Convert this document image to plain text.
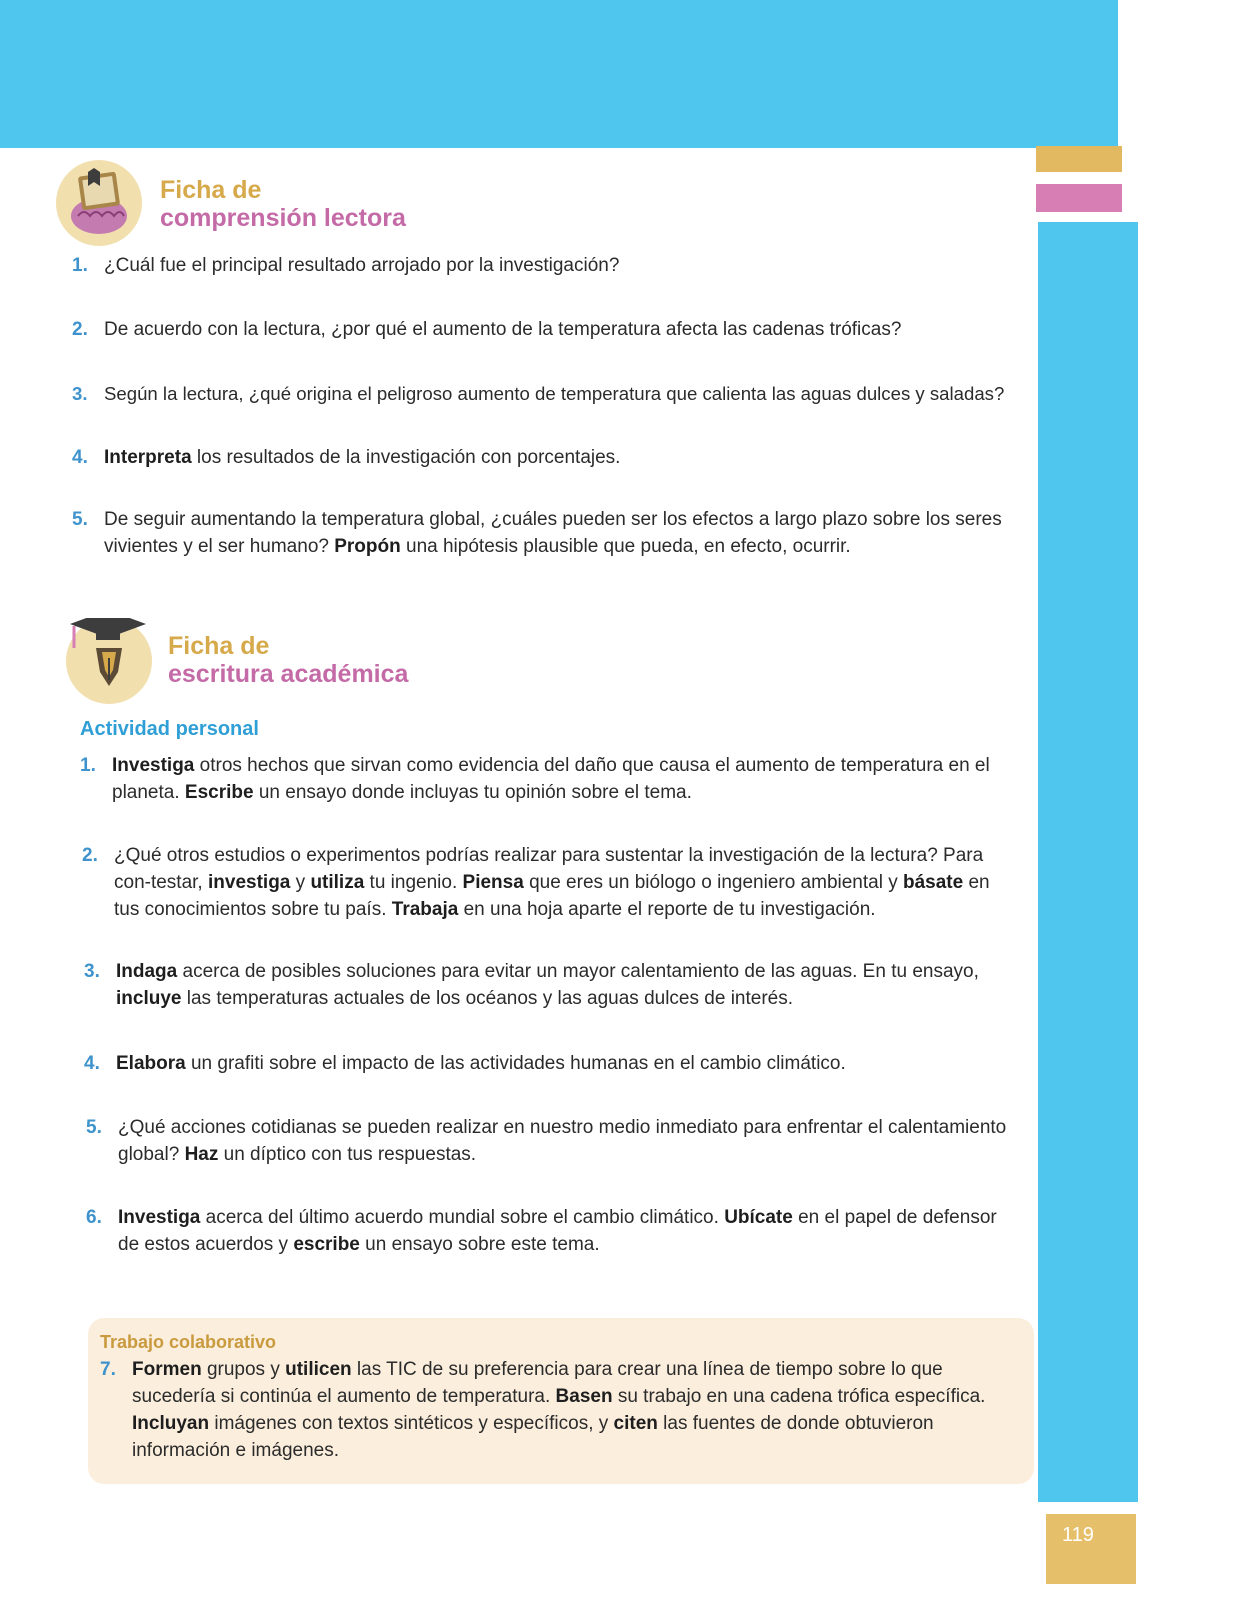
119
Ficha de
comprensión lectora
1. ¿Cuál fue el principal resultado arrojado por la investigación?
2. De acuerdo con la lectura, ¿por qué el aumento de la temperatura afecta las cadenas tróficas?
3. Según la lectura, ¿qué origina el peligroso aumento de temperatura que calienta las aguas dulces y saladas?
4. Interpreta los resultados de la investigación con porcentajes.
5. De seguir aumentando la temperatura global, ¿cuáles pueden ser los efectos a largo plazo sobre los seres vivientes y el ser humano? Propón una hipótesis plausible que pueda, en efecto, ocurrir.
Ficha de
escritura académica
Actividad personal
1. Investiga otros hechos que sirvan como evidencia del daño que causa el aumento de temperatura en el planeta. Escribe un ensayo donde incluyas tu opinión sobre el tema.
2. ¿Qué otros estudios o experimentos podrías realizar para sustentar la investigación de la lectura? Para con-testar, investiga y utiliza tu ingenio. Piensa que eres un biólogo o ingeniero ambiental y básate en tus conocimientos sobre tu país. Trabaja en una hoja aparte el reporte de tu investigación.
3. Indaga acerca de posibles soluciones para evitar un mayor calentamiento de las aguas. En tu ensayo, incluye las temperaturas actuales de los océanos y las aguas dulces de interés.
4. Elabora un grafiti sobre el impacto de las actividades humanas en el cambio climático.
5. ¿Qué acciones cotidianas se pueden realizar en nuestro medio inmediato para enfrentar el calentamiento global? Haz un díptico con tus respuestas.
6. Investiga acerca del último acuerdo mundial sobre el cambio climático. Ubícate en el papel de defensor de estos acuerdos y escribe un ensayo sobre este tema.
Trabajo colaborativo
7. Formen grupos y utilicen las TIC de su preferencia para crear una línea de tiempo sobre lo que sucedería si continúa el aumento de temperatura. Basen su trabajo en una cadena trófica específica. Incluyan imágenes con textos sintéticos y específicos, y citen las fuentes de donde obtuvieron información e imágenes.
